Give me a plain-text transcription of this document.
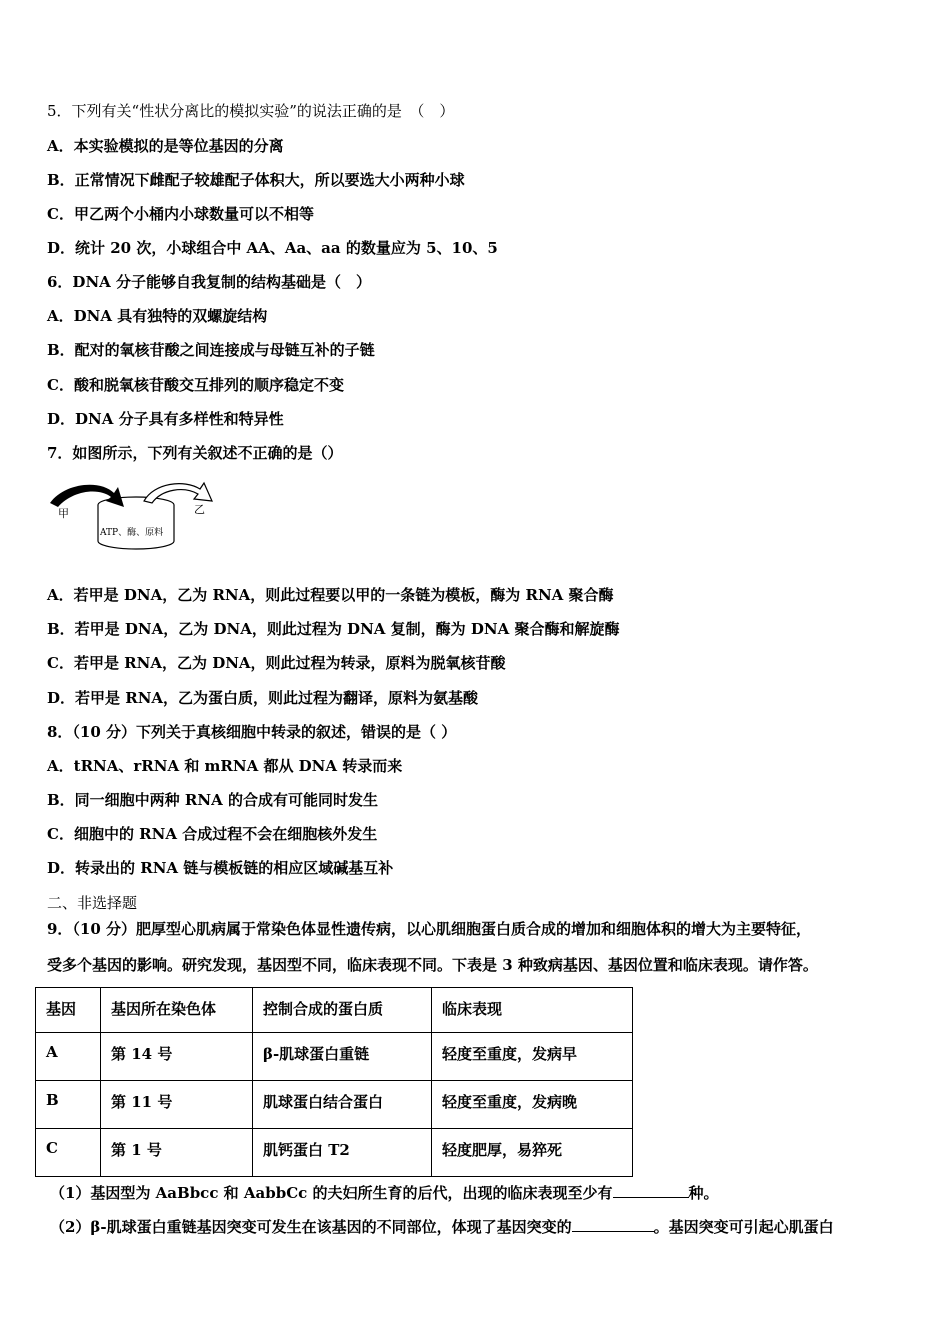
5．下列有关“性状分离比的模拟实验”的说法正确的是　（　）
A．本实验模拟的是等位基因的分离
B．正常情况下雌配子较雄配子体积大，所以要选大小两种小球
C．甲乙两个小桶内小球数量可以不相等
D．统计 20 次，小球组合中 AA、Aa、aa 的数量应为 5、10、5
6．DNA 分子能够自我复制的结构基础是（　）
A．DNA 具有独特的双螺旋结构
B．配对的氧核苷酸之间连接成与母链互补的子链
C．酸和脱氧核苷酸交互排列的顺序稳定不变
D．DNA 分子具有多样性和特异性
7．如图所示，下列有关叙述不正确的是（）
甲	乙
ATP、酶、原料
A．若甲是 DNA，乙为 RNA，则此过程要以甲的一条链为模板，酶为 RNA 聚合酶
B．若甲是 DNA，乙为 DNA，则此过程为 DNA 复制，酶为 DNA 聚合酶和解旋酶
C．若甲是 RNA，乙为 DNA，则此过程为转录，原料为脱氧核苷酸
D．若甲是 RNA，乙为蛋白质，则此过程为翻译，原料为氨基酸
8．（10 分）下列关于真核细胞中转录的叙述，错误的是（ ）
A．tRNA、rRNA 和 mRNA 都从 DNA 转录而来
B．同一细胞中两种 RNA 的合成有可能同时发生
C．细胞中的 RNA 合成过程不会在细胞核外发生
D．转录出的 RNA 链与模板链的相应区域碱基互补
二、非选择题
9．（10 分）肥厚型心肌病属于常染色体显性遗传病，以心肌细胞蛋白质合成的增加和细胞体积的增大为主要特征，
受多个基因的影响。研究发现，基因型不同，临床表现不同。下表是 3 种致病基因、基因位置和临床表现。请作答。
基因	基因所在染色体	控制合成的蛋白质	临床表现
A	第 14 号	β-肌球蛋白重链	轻度至重度，发病早
B	第 11 号	肌球蛋白结合蛋白	轻度至重度，发病晚
C	第 1 号	肌钙蛋白 T2	轻度肥厚，易猝死
（1）基因型为 AaBbcc 和 AabbCc 的夫妇所生育的后代，出现的临床表现至少有	种。
（2）β-肌球蛋白重链基因突变可发生在该基因的不同部位，体现了基因突变的	。基因突变可引起心肌蛋白
